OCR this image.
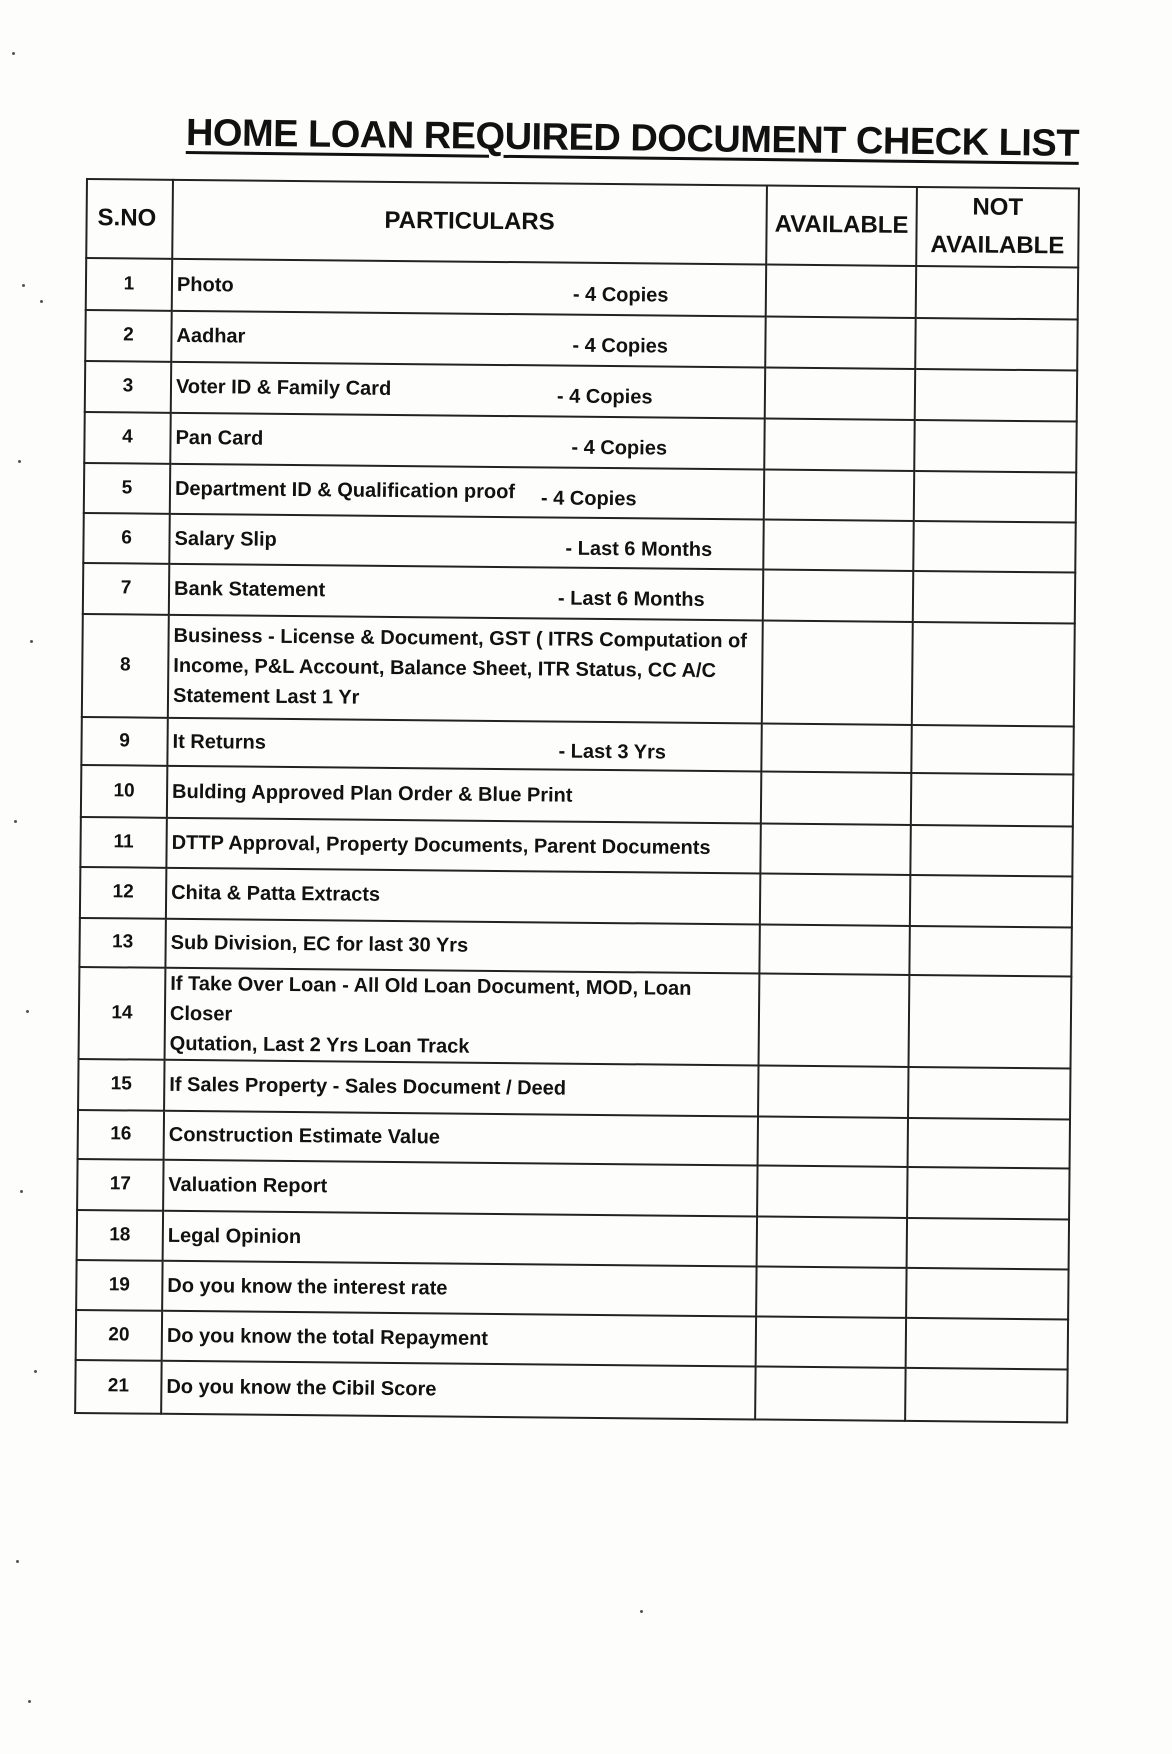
HOME LOAN REQUIRED DOCUMENT CHECK LIST
S.NO	PARTICULARS	AVAILABLE	NOT
AVAILABLE
1	Photo - 4 Copies		

2	Aadhar - 4 Copies		

3	Voter ID & Family Card - 4 Copies		

4	Pan Card - 4 Copies		

5	Department ID & Qualification proof - 4 Copies		

6	Salary Slip - Last 6 Months		

7	Bank Statement - Last 6 Months		

8	Business - License & Document, GST ( ITRS Computation of
Income, P&L Account, Balance Sheet, ITR Status, CC A/C
Statement Last 1 Yr		

9	It Returns - Last 3 Yrs		

10	Bulding Approved Plan Order & Blue Print		

11	DTTP Approval, Property Documents, Parent Documents		

12	Chita & Patta Extracts		

13	Sub Division, EC for last 30 Yrs		

14	If Take Over Loan - All Old Loan Document, MOD, Loan Closer
Qutation, Last 2 Yrs Loan Track		

15	If Sales Property - Sales Document / Deed		

16	Construction Estimate Value		

17	Valuation Report		

18	Legal Opinion		

19	Do you know the interest rate		

20	Do you know the total Repayment		

21	Do you know the Cibil Score		
